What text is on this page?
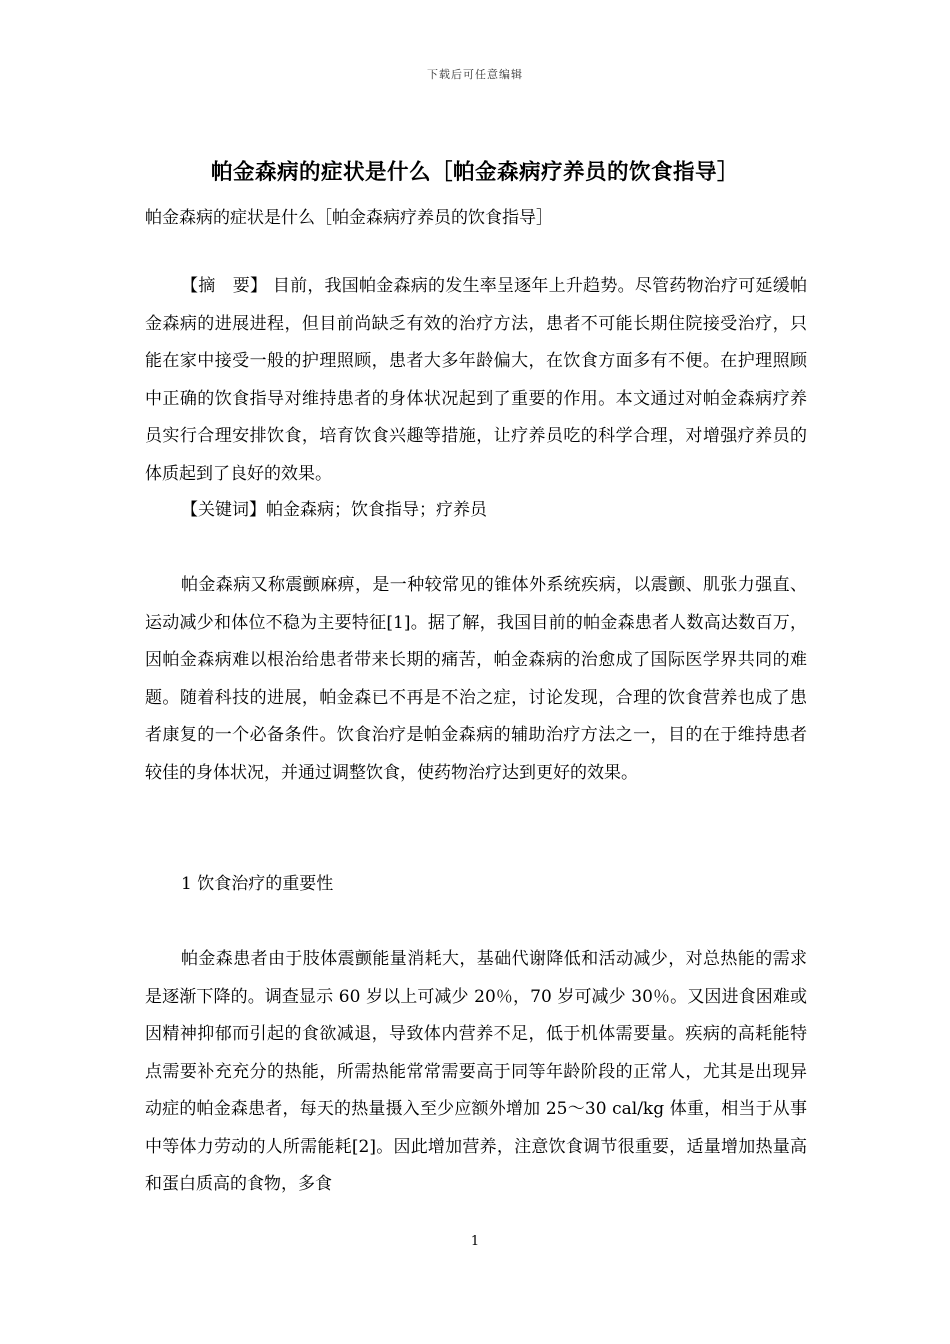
下载后可任意编辑
帕金森病的症状是什么［帕金森病疗养员的饮食指导］
帕金森病的症状是什么［帕金森病疗养员的饮食指导］

【摘　要】 目前，我国帕金森病的发生率呈逐年上升趋势。尽管药物治疗可延缓帕金森病的进展进程，但目前尚缺乏有效的治疗方法，患者不可能长期住院接受治疗，只能在家中接受一般的护理照顾，患者大多年龄偏大，在饮食方面多有不便。在护理照顾中正确的饮食指导对维持患者的身体状况起到了重要的作用。本文通过对帕金森病疗养员实行合理安排饮食，培育饮食兴趣等措施，让疗养员吃的科学合理，对增强疗养员的体质起到了良好的效果。

【关键词】帕金森病；饮食指导；疗养员

帕金森病又称震颤麻痹，是一种较常见的锥体外系统疾病，以震颤、肌张力强直、运动减少和体位不稳为主要特征[1]。据了解，我国目前的帕金森患者人数高达数百万，因帕金森病难以根治给患者带来长期的痛苦，帕金森病的治愈成了国际医学界共同的难题。随着科技的进展，帕金森已不再是不治之症，讨论发现，合理的饮食营养也成了患者康复的一个必备条件。饮食治疗是帕金森病的辅助治疗方法之一，目的在于维持患者较佳的身体状况，并通过调整饮食，使药物治疗达到更好的效果。

1 饮食治疗的重要性

帕金森患者由于肢体震颤能量消耗大，基础代谢降低和活动减少，对总热能的需求是逐渐下降的。调查显示 60 岁以上可减少 20％，70 岁可减少 30％。又因进食困难或因精神抑郁而引起的食欲减退，导致体内营养不足，低于机体需要量。疾病的高耗能特点需要补充充分的热能，所需热能常常需要高于同等年龄阶段的正常人，尤其是出现异动症的帕金森患者，每天的热量摄入至少应额外增加 25～30 cal/kg 体重，相当于从事中等体力劳动的人所需能耗[2]。因此增加营养，注意饮食调节很重要，适量增加热量高和蛋白质高的食物，多食

1
